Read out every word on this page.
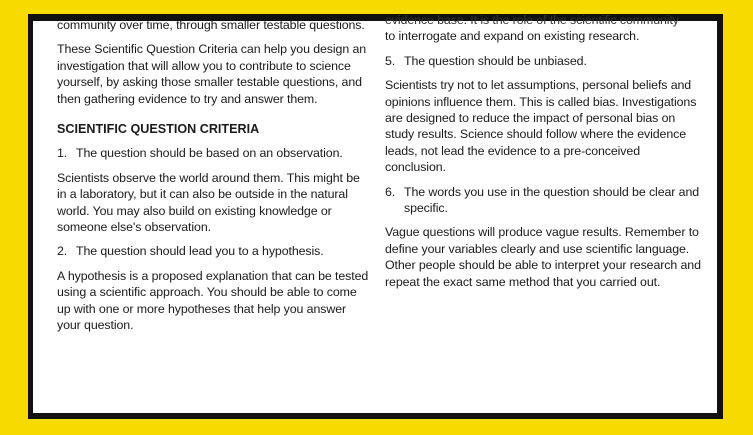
community over time, through smaller testable questions.

These Scientific Question Criteria can help you design an investigation that will allow you to contribute to science yourself, by asking those smaller testable questions, and then gathering evidence to try and answer them.

SCIENTIFIC QUESTION CRITERIA
1. The question should be based on an observation.

Scientists observe the world around them. This might be in a laboratory, but it can also be outside in the natural world. You may also build on existing knowledge or someone else's observation.

2. The question should lead you to a hypothesis.

A hypothesis is a proposed explanation that can be tested using a scientific approach. You should be able to come up with one or more hypotheses that help you answer your question.

evidence base. It is the role of the scientific community

to interrogate and expand on existing research.

5. The question should be unbiased.

Scientists try not to let assumptions, personal beliefs and opinions influence them. This is called bias. Investigations are designed to reduce the impact of personal bias on study results. Science should follow where the evidence leads, not lead the evidence to a pre-conceived conclusion.

6. The words you use in the question should be clear and specific.

Vague questions will produce vague results. Remember to define your variables clearly and use scientific language. Other people should be able to interpret your research and repeat the exact same method that you carried out.
